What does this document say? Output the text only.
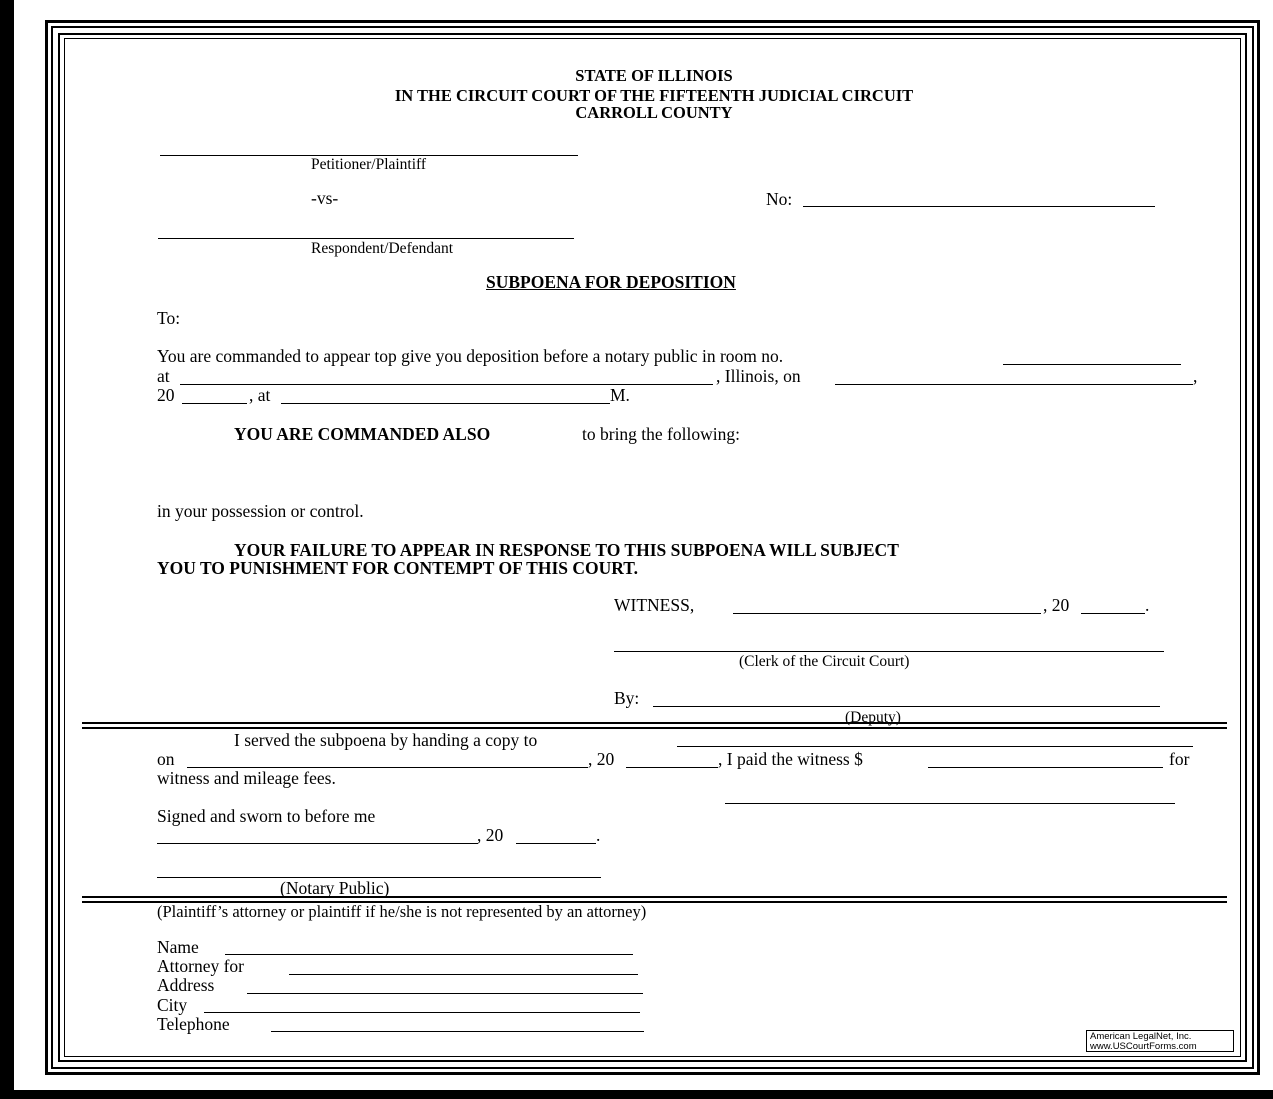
STATE OF ILLINOIS
IN THE CIRCUIT COURT OF THE FIFTEENTH JUDICIAL CIRCUIT
CARROLL COUNTY
Petitioner/Plaintiff
-vs-	No:
Respondent/Defendant
SUBPOENA FOR DEPOSITION
To:
You are commanded to appear top give you deposition before a notary public in room no.
at	, Illinois, on	,
20	, at	M.
YOU ARE COMMANDED ALSO	to bring the following:
in your possession or control.
YOUR FAILURE TO APPEAR IN RESPONSE TO THIS SUBPOENA WILL SUBJECT
YOU TO PUNISHMENT FOR CONTEMPT OF THIS COURT.
WITNESS,	, 20	.
(Clerk of the Circuit Court)
By:
(Deputy)
I served the subpoena by handing a copy to
on	, 20	, I paid the witness $	for
witness and mileage fees.
Signed and sworn to before me
, 20	.
(Notary Public)
(Plaintiff’s attorney or plaintiff if he/she is not represented by an attorney)
Name
Attorney for
Address
City
Telephone
American LegalNet, Inc.
www.USCourtForms.com
